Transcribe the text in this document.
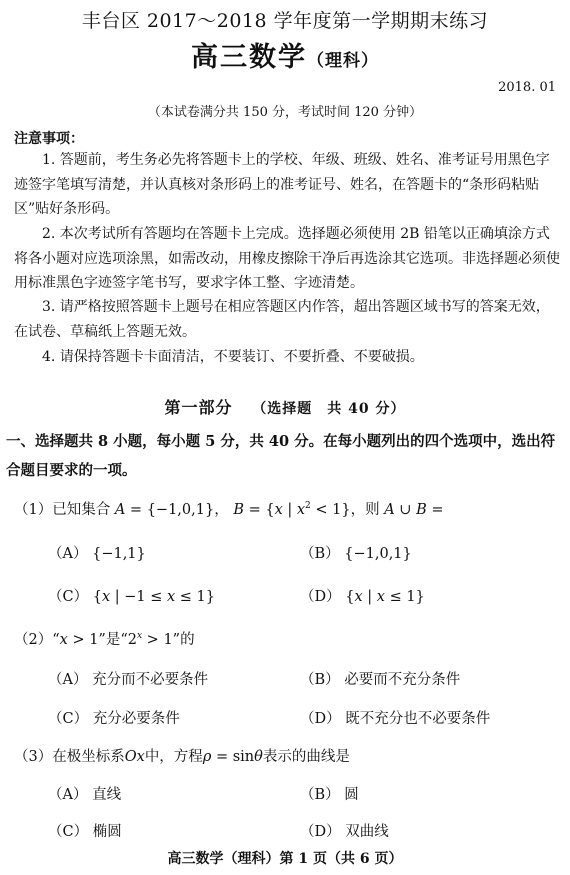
丰台区 2017～2018 学年度第一学期期末练习
高三数学（理科）
2018. 01
（本试卷满分共 150 分，考试时间 120 分钟）
注意事项：
1. 答题前，考生务必先将答题卡上的学校、年级、班级、姓名、准考证号用黑色字迹签字笔填写清楚，并认真核对条形码上的准考证号、姓名，在答题卡的“条形码粘贴区”贴好条形码。
2. 本次考试所有答题均在答题卡上完成。选择题必须使用 2B 铅笔以正确填涂方式将各小题对应选项涂黑，如需改动，用橡皮擦除干净后再选涂其它选项。非选择题必须使用标准黑色字迹签字笔书写，要求字体工整、字迹清楚。
3. 请严格按照答题卡上题号在相应答题区内作答，超出答题区域书写的答案无效，在试卷、草稿纸上答题无效。
4. 请保持答题卡卡面清洁，不要装订、不要折叠、不要破损。
第一部分 （选择题　共 40 分）
一、选择题共 8 小题，每小题 5 分，共 40 分。在每小题列出的四个选项中，选出符合题目要求的一项。
（1）已知集合 A = {−1,0,1}， B = {x | $x^2 < 1$}，则 A ∪ B =
（A） {−1,1}	（B） {−1,0,1}
（C） {x | −1 ≤ x ≤ 1}	（D） {x | x ≤ 1}
（2）“x > 1”是“$2^x > 1$”的
（A） 充分而不必要条件	（B） 必要而不充分条件
（C） 充分必要条件	（D） 既不充分也不必要条件
（3）在极坐标系Ox中，方程ρ = sinθ表示的曲线是
（A） 直线	（B） 圆
（C） 椭圆	（D） 双曲线
高三数学（理科）第 1 页（共 6 页）
